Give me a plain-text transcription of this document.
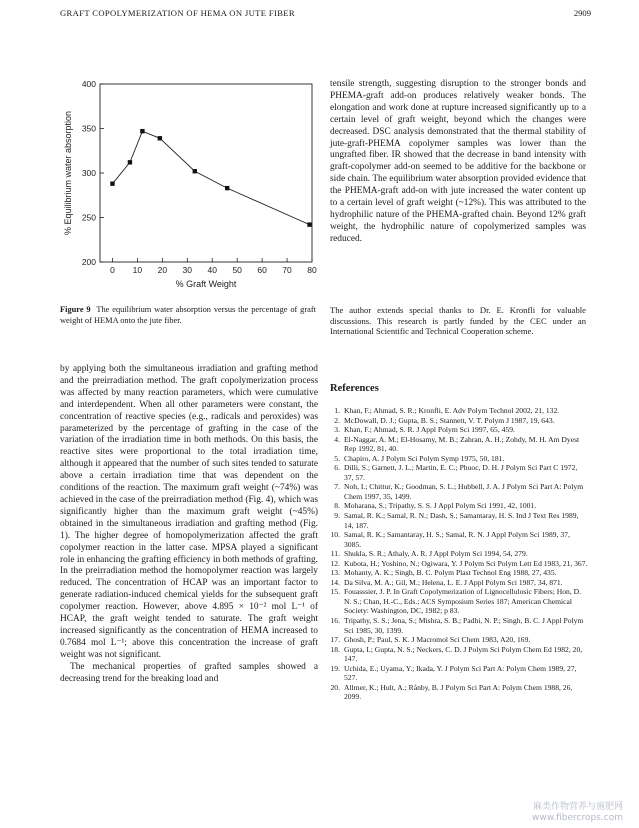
GRAFT COPOLYMERIZATION OF HEMA ON JUTE FIBER	2909
0 10 20 30 40 50 60 70 80
200
250
300
350
400
% Graft Weight
% Equilibrium water absorption
Figure 9 The equilibrium water absorption versus the percentage of graft weight of HEMA onto the jute fiber.

by applying both the simultaneous irradiation and grafting method and the preirradiation method. The graft copolymerization process was affected by many reaction parameters, which were cumulative and interdependent. When all other parameters were constant, the concentration of reactive species (e.g., radicals and peroxides) was parameterized by the percentage of grafting in the case of the variation of the irradiation time in both methods. On this basis, the reactive sites were proportional to the total irradiation time, although it appeared that the number of such sites tended to saturate above a certain irradiation time that was dependent on the conditions of the reaction. The maximum graft weight (~74%) was achieved in the case of the preirradiation method (Fig. 4), which was significantly higher than the maximum graft weight (~45%) obtained in the simultaneous irradiation and grafting method (Fig. 1). The higher degree of homopolymerization affected the graft copolymer reaction in the latter case. MPSA played a significant role in enhancing the grafting efficiency in both methods of grafting. In the preirradiation method the homopolymer reaction was largely reduced. The concentration of HCAP was an important factor to generate radiation-induced chemical yields for the subsequent graft copolymer reaction. However, above 4.895 × 10⁻² mol L⁻¹ of HCAP, the graft weight tended to saturate. The graft weight increased significantly as the concentration of HEMA increased to 0.7684 mol L⁻¹; above this concentration the increase of graft weight was not significant.

The mechanical properties of grafted samples showed a decreasing trend for the breaking load and

tensile strength, suggesting disruption to the stronger bonds and PHEMA-graft add-on produces relatively weaker bonds. The elongation and work done at rupture increased significantly up to a certain level of graft weight, beyond which the changes were decreased. DSC analysis demonstrated that the thermal stability of jute-graft-PHEMA copolymer samples was lower than the ungrafted fiber. IR showed that the decrease in band intensity with graft-copolymer add-on seemed to be additive for the backbone or side chain. The equilibrium water absorption provided evidence that the PHEMA-graft add-on with jute increased the water content up to a certain level of graft weight (~12%). This was attributed to the hydrophilic nature of the PHEMA-grafted chain. Beyond 12% graft weight, the hydrophilic nature of copolymerized samples was reduced.

The author extends special thanks to Dr. E. Kronfli for valuable discussions. This research is partly funded by the CEC under an International Scientific and Technical Cooperation scheme.

References
1. Khan, F.; Ahmad, S. R.; Kronfli, E. Adv Polym Technol 2002, 21, 132.
2. McDowall, D. J.; Gupta, B. S.; Stannett, V. T. Polym J 1987, 19, 643.
3. Khan, F.; Ahmad, S. R. J Appl Polym Sci 1997, 65, 459.
4. El-Naggar, A. M.; El-Hosamy, M. B.; Zahran, A. H.; Zohdy, M. H. Am Dyest Rep 1992, 81, 40.
5. Chapiro, A. J Polym Sci Polym Symp 1975, 50, 181.
6. Dilli, S.; Garnett, J. L.; Martin, E. C.; Phuoc, D. H. J Polym Sci Part C 1972, 37, 57.
7. Noh, I.; Chittur, K.; Goodman, S. L.; Hubbell, J. A. J Polym Sci Part A: Polym Chem 1997, 35, 1499.
8. Moharana, S.; Tripathy, S. S. J Appl Polym Sci 1991, 42, 1001.
9. Samal, R. K.; Samal, R. N.; Dash, S.; Samantaray, H. S. Ind J Text Res 1989, 14, 187.
10. Samal, R. K.; Samantaray, H. S.; Samal, R. N. J Appl Polym Sci 1989, 37, 3085.
11. Shukla, S. R.; Athaly, A. R. J Appl Polym Sci 1994, 54, 279.
12. Kubota, H.; Yoshino, N.; Ogiwara, Y. J Polym Sci Polym Lett Ed 1983, 21, 367.
13. Mohanty, A. K.; Singh, B. C. Polym Plast Technol Eng 1988, 27, 435.
14. Da Silva, M. A.; Gil, M.; Helena, L. E. J Appl Polym Sci 1987, 34, 871.
15. Fouasssier, J. P. In Graft Copolymerization of Lignocellulosic Fibers; Hon, D. N. S.; Chan, H.-C., Eds.; ACS Symposium Series 187; American Chemical Society: Washington, DC, 1982; p 83.
16. Tripathy, S. S.; Jena, S.; Mishra, S. B.; Padhi, N. P.; Singh, B. C. J Appl Polym Sci 1985, 30, 1399.
17. Ghosh, P.; Paul, S. K. J Macromol Sci Chem 1983, A20, 169.
18. Gupta, I.; Gupta, N. S.; Neckers, C. D. J Polym Sci Polym Chem Ed 1982, 20, 147.
19. Uchida, E.; Uyama, Y.; Ikada, Y. J Polym Sci Part A: Polym Chem 1989, 27, 527.
20. Allmer, K.; Hult, A.; Rånby, B. J Polym Sci Part A: Polym Chem 1988, 26, 2099.
麻类作物营养与施肥网
www.fibercrops.com
